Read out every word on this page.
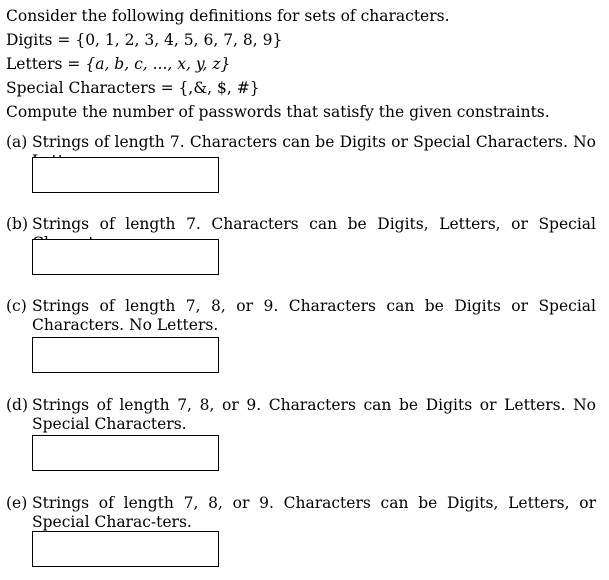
Consider the following definitions for sets of characters.
Digits = {0, 1, 2, 3, 4, 5, 6, 7, 8, 9}
Letters = {a, b, c, ..., x, y, z}
Special Characters = {,&, $, #}
Compute the number of passwords that satisfy the given constraints.
(a) Strings of length 7. Characters can be Digits or Special Characters. No
(b) Strings of length 7. Characters can be Digits, Letters, or Special
(c) Strings of length 7, 8, or 9. Characters can be Digits or Special Characters. No Letters.
(d) Strings of length 7, 8, or 9. Characters can be Digits or Letters. No Special Characters.
(e) Strings of length 7, 8, or 9. Characters can be Digits, Letters, or Special Charac-ters.
